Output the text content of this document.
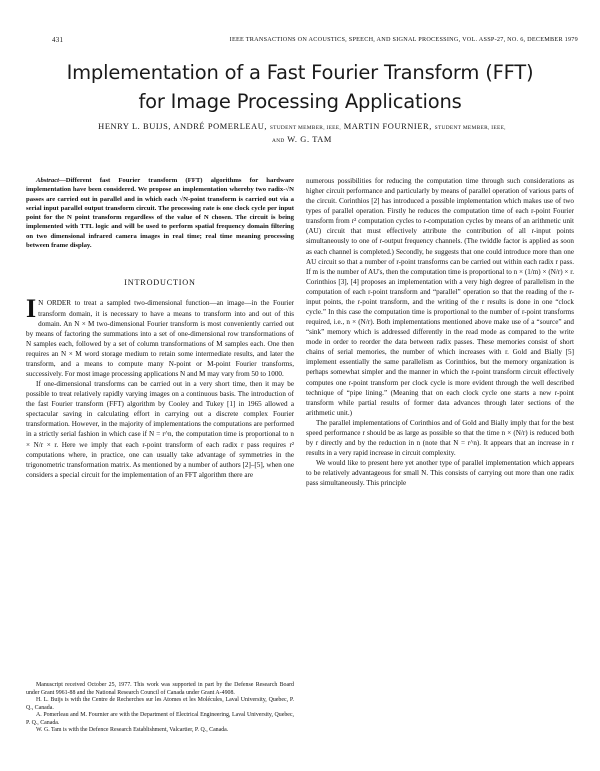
431	IEEE TRANSACTIONS ON ACOUSTICS, SPEECH, AND SIGNAL PROCESSING, VOL. ASSP-27, NO. 6, DECEMBER 1979
Implementation of a Fast Fourier Transform (FFT)
for Image Processing Applications
HENRY L. BUIJS, ANDRÉ POMERLEAU, STUDENT MEMBER, IEEE, MARTIN FOURNIER, STUDENT MEMBER, IEEE,
AND W. G. TAM

Abstract—Different fast Fourier transform (FFT) algorithms for hardware implementation have been considered. We propose an implementation whereby two radix-√N passes are carried out in parallel and in which each √N-point transform is carried out via a serial input parallel output transform circuit. The processing rate is one clock cycle per input point for the N point transform regardless of the value of N chosen. The circuit is being implemented with TTL logic and will be used to perform spatial frequency domain filtering on two dimensional infrared camera images in real time; real time meaning processing between frame display.

INTRODUCTION

I N ORDER to treat a sampled two-dimensional function—an image—in the Fourier transform domain, it is necessary to have a means to transform into and out of this domain. An N × M two-dimensional Fourier transform is most conveniently carried out by means of factoring the summations into a set of one-dimensional row transformations of N samples each, followed by a set of column transformations of M samples each. One then requires an N × M word storage medium to retain some intermediate results, and later the transform, and a means to compute many N-point or M-point Fourier transforms, successively. For most image processing applications N and M may vary from 50 to 1000.

If one-dimensional transforms can be carried out in a very short time, then it may be possible to treat relatively rapidly varying images on a continuous basis. The introduction of the fast Fourier transform (FFT) algorithm by Cooley and Tukey [1] in 1965 allowed a spectacular saving in calculating effort in carrying out a discrete complex Fourier transformation. However, in the majority of implementations the computations are performed in a strictly serial fashion in which case if N = r^n, the computation time is proportional to n × N/r × r. Here we imply that each r-point transform of each radix r pass requires r² computations where, in practice, one can usually take advantage of symmetries in the trigonometric transformation matrix. As mentioned by a number of authors [2]–[5], when one considers a special circuit for the implementation of an FFT algorithm there are

Manuscript received October 25, 1977. This work was supported in part by the Defense Research Board under Grant 9961-88 and the National Research Council of Canada under Grant A-4908.

H. L. Buijs is with the Centre de Recherches sur les Atomes et les Molécules, Laval University, Quebec, P. Q., Canada.

A. Pomerleau and M. Fournier are with the Department of Electrical Engineering, Laval University, Quebec, P. Q., Canada.

W. G. Tam is with the Defence Research Establishment, Valcartier, P. Q., Canada.

numerous possibilities for reducing the computation time through such considerations as higher circuit performance and particularly by means of parallel operation of various parts of the circuit. Corinthios [2] has introduced a possible implementation which makes use of two types of parallel operation. Firstly he reduces the computation time of each r-point Fourier transform from r² computation cycles to r-computation cycles by means of an arithmetic unit (AU) circuit that must effectively attribute the contribution of all r-input points simultaneously to one of r-output frequency channels. (The twiddle factor is applied as soon as each channel is completed.) Secondly, he suggests that one could introduce more than one AU circuit so that a number of r-point transforms can be carried out within each radix r pass. If m is the number of AU's, then the computation time is proportional to n × (1/m) × (N/r) × r. Corinthios [3], [4] proposes an implementation with a very high degree of parallelism in the computation of each r-point transform and “parallel” operation so that the reading of the r-input points, the r-point transform, and the writing of the r results is done in one “clock cycle.” In this case the computation time is proportional to the number of r-point transforms required, i.e., n × (N/r). Both implementations mentioned above make use of a “source” and “sink” memory which is addressed differently in the read mode as compared to the write mode in order to reorder the data between radix passes. These memories consist of short chains of serial memories, the number of which increases with r. Gold and Bially [5] implement essentially the same parallelism as Corinthios, but the memory organization is perhaps somewhat simpler and the manner in which the r-point transform circuit effectively computes one r-point transform per clock cycle is more evident through the well described technique of “pipe lining.” (Meaning that on each clock cycle one starts a new r-point transform while partial results of former data advances through later sections of the arithmetic unit.)

The parallel implementations of Corinthios and of Gold and Bially imply that for the best speed performance r should be as large as possible so that the time n × (N/r) is reduced both by r directly and by the reduction in n (note that N = r^n). It appears that an increase in r results in a very rapid increase in circuit complexity.

We would like to present here yet another type of parallel implementation which appears to be relatively advantageous for small N. This consists of carrying out more than one radix pass simultaneously. This principle
